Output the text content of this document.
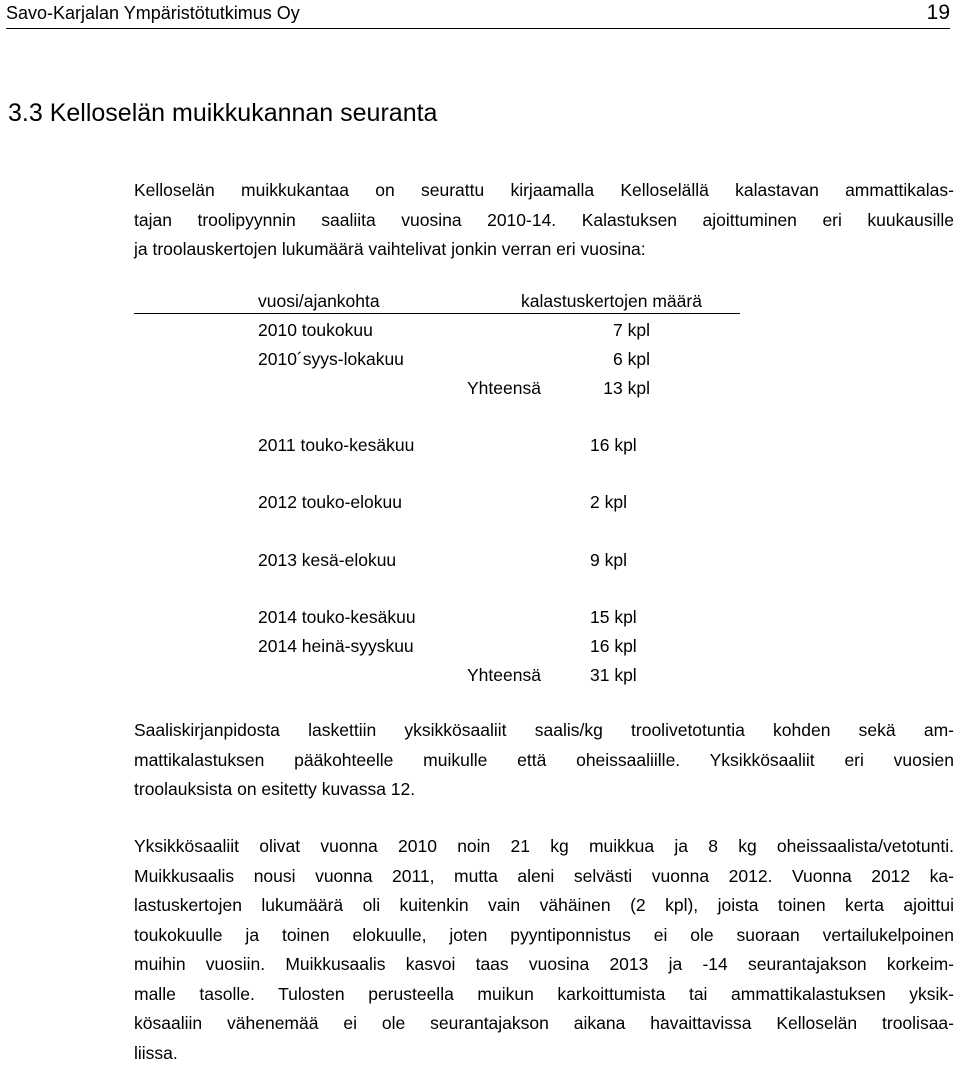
Savo-Karjalan Ympäristötutkimus Oy	19
3.3 Kelloselän muikkukannan seuranta
Kelloselän muikkukantaa on seurattu kirjaamalla Kelloselällä kalastavan ammattikalas-
tajan troolipyynnin saaliita vuosina 2010-14. Kalastuksen ajoittuminen eri kuukausille
ja troolauskertojen lukumäärä vaihtelivat jonkin verran eri vuosina:
vuosi/ajankohta	kalastuskertojen määrä
2010 toukokuu	7 kpl
2010´syys-lokakuu	6 kpl
Yhteensä	13 kpl
2011 touko-kesäkuu	16 kpl
2012 touko-elokuu	2 kpl
2013 kesä-elokuu	9 kpl
2014 touko-kesäkuu	15 kpl
2014 heinä-syyskuu	16 kpl
Yhteensä	31 kpl
Saaliskirjanpidosta laskettiin yksikkösaaliit saalis/kg troolivetotuntia kohden sekä am-
mattikalastuksen pääkohteelle muikulle että oheissaaliille. Yksikkösaaliit eri vuosien
troolauksista on esitetty kuvassa 12.
Yksikkösaaliit olivat vuonna 2010 noin 21 kg muikkua ja 8 kg oheissaalista/vetotunti.
Muikkusaalis nousi vuonna 2011, mutta aleni selvästi vuonna 2012. Vuonna 2012 ka-
lastuskertojen lukumäärä oli kuitenkin vain vähäinen (2 kpl), joista toinen kerta ajoittui
toukokuulle ja toinen elokuulle, joten pyyntiponnistus ei ole suoraan vertailukelpoinen
muihin vuosiin. Muikkusaalis kasvoi taas vuosina 2013 ja -14 seurantajakson korkeim-
malle tasolle. Tulosten perusteella muikun karkoittumista tai ammattikalastuksen yksik-
kösaaliin vähenemää ei ole seurantajakson aikana havaittavissa Kelloselän troolisaa-
liissa.
